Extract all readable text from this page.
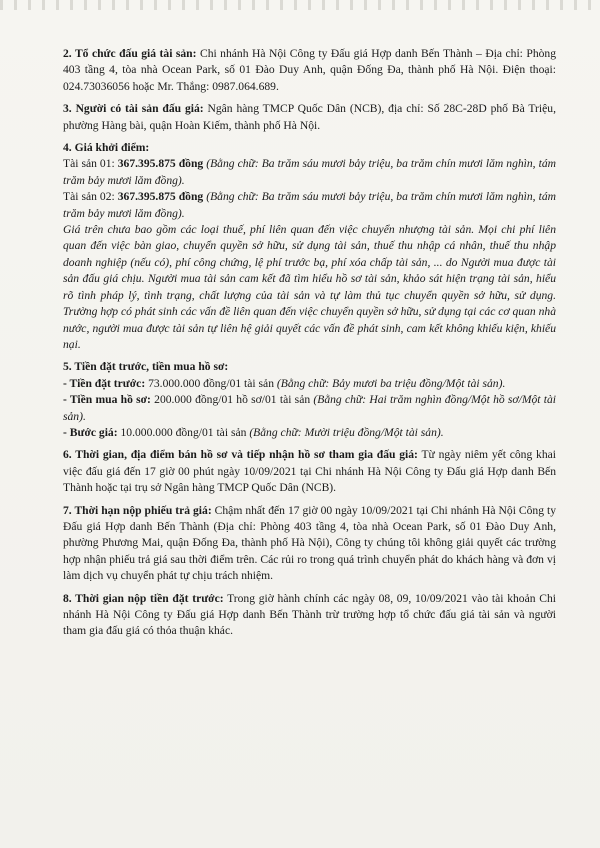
2. Tổ chức đấu giá tài sản: Chi nhánh Hà Nội Công ty Đấu giá Hợp danh Bến Thành – Địa chỉ: Phòng 403 tầng 4, tòa nhà Ocean Park, số 01 Đào Duy Anh, quận Đống Đa, thành phố Hà Nội. Điện thoại: 024.73036056 hoặc Mr. Thắng: 0987.064.689.

3. Người có tài sản đấu giá: Ngân hàng TMCP Quốc Dân (NCB), địa chỉ: Số 28C-28D phố Bà Triệu, phường Hàng bài, quận Hoàn Kiếm, thành phố Hà Nội.

4. Giá khởi điểm:

Tài sản 01: 367.395.875 đồng (Bằng chữ: Ba trăm sáu mươi bảy triệu, ba trăm chín mươi lăm nghìn, tám trăm bảy mươi lăm đồng).

Tài sản 02: 367.395.875 đồng (Bằng chữ: Ba trăm sáu mươi bảy triệu, ba trăm chín mươi lăm nghìn, tám trăm bảy mươi lăm đồng).

Giá trên chưa bao gồm các loại thuế, phí liên quan đến việc chuyển nhượng tài sản. Mọi chi phí liên quan đến việc bàn giao, chuyển quyền sở hữu, sử dụng tài sản, thuế thu nhập cá nhân, thuế thu nhập doanh nghiệp (nếu có), phí công chứng, lệ phí trước bạ, phí xóa chấp tài sản, ... do Người mua được tài sản đấu giá chịu. Người mua tài sản cam kết đã tìm hiểu hồ sơ tài sản, khảo sát hiện trạng tài sản, hiểu rõ tình pháp lý, tình trạng, chất lượng của tài sản và tự làm thủ tục chuyển quyền sở hữu, sử dụng. Trường hợp có phát sinh các vấn đề liên quan đến việc chuyển quyền sở hữu, sử dụng tại các cơ quan nhà nước, người mua được tài sản tự liên hệ giải quyết các vấn đề phát sinh, cam kết không khiếu kiện, khiếu nại.

5. Tiền đặt trước, tiền mua hồ sơ:

- Tiền đặt trước: 73.000.000 đồng/01 tài sản (Bằng chữ: Bảy mươi ba triệu đồng/Một tài sản).

- Tiền mua hồ sơ: 200.000 đồng/01 hồ sơ/01 tài sản (Bằng chữ: Hai trăm nghìn đồng/Một hồ sơ/Một tài sản).

- Bước giá: 10.000.000 đồng/01 tài sản (Bằng chữ: Mười triệu đồng/Một tài sản).

6. Thời gian, địa điểm bán hồ sơ và tiếp nhận hồ sơ tham gia đấu giá: Từ ngày niêm yết công khai việc đấu giá đến 17 giờ 00 phút ngày 10/09/2021 tại Chi nhánh Hà Nội Công ty Đấu giá Hợp danh Bến Thành hoặc tại trụ sở Ngân hàng TMCP Quốc Dân (NCB).

7. Thời hạn nộp phiếu trả giá: Chậm nhất đến 17 giờ 00 ngày 10/09/2021 tại Chi nhánh Hà Nội Công ty Đấu giá Hợp danh Bến Thành (Địa chỉ: Phòng 403 tầng 4, tòa nhà Ocean Park, số 01 Đào Duy Anh, phường Phương Mai, quận Đống Đa, thành phố Hà Nội), Công ty chúng tôi không giải quyết các trường hợp nhận phiếu trả giá sau thời điểm trên. Các rủi ro trong quá trình chuyển phát do khách hàng và đơn vị làm dịch vụ chuyển phát tự chịu trách nhiệm.

8. Thời gian nộp tiền đặt trước: Trong giờ hành chính các ngày 08, 09, 10/09/2021 vào tài khoản Chi nhánh Hà Nội Công ty Đấu giá Hợp danh Bến Thành trừ trường hợp tổ chức đấu giá tài sản và người tham gia đấu giá có thỏa thuận khác.
